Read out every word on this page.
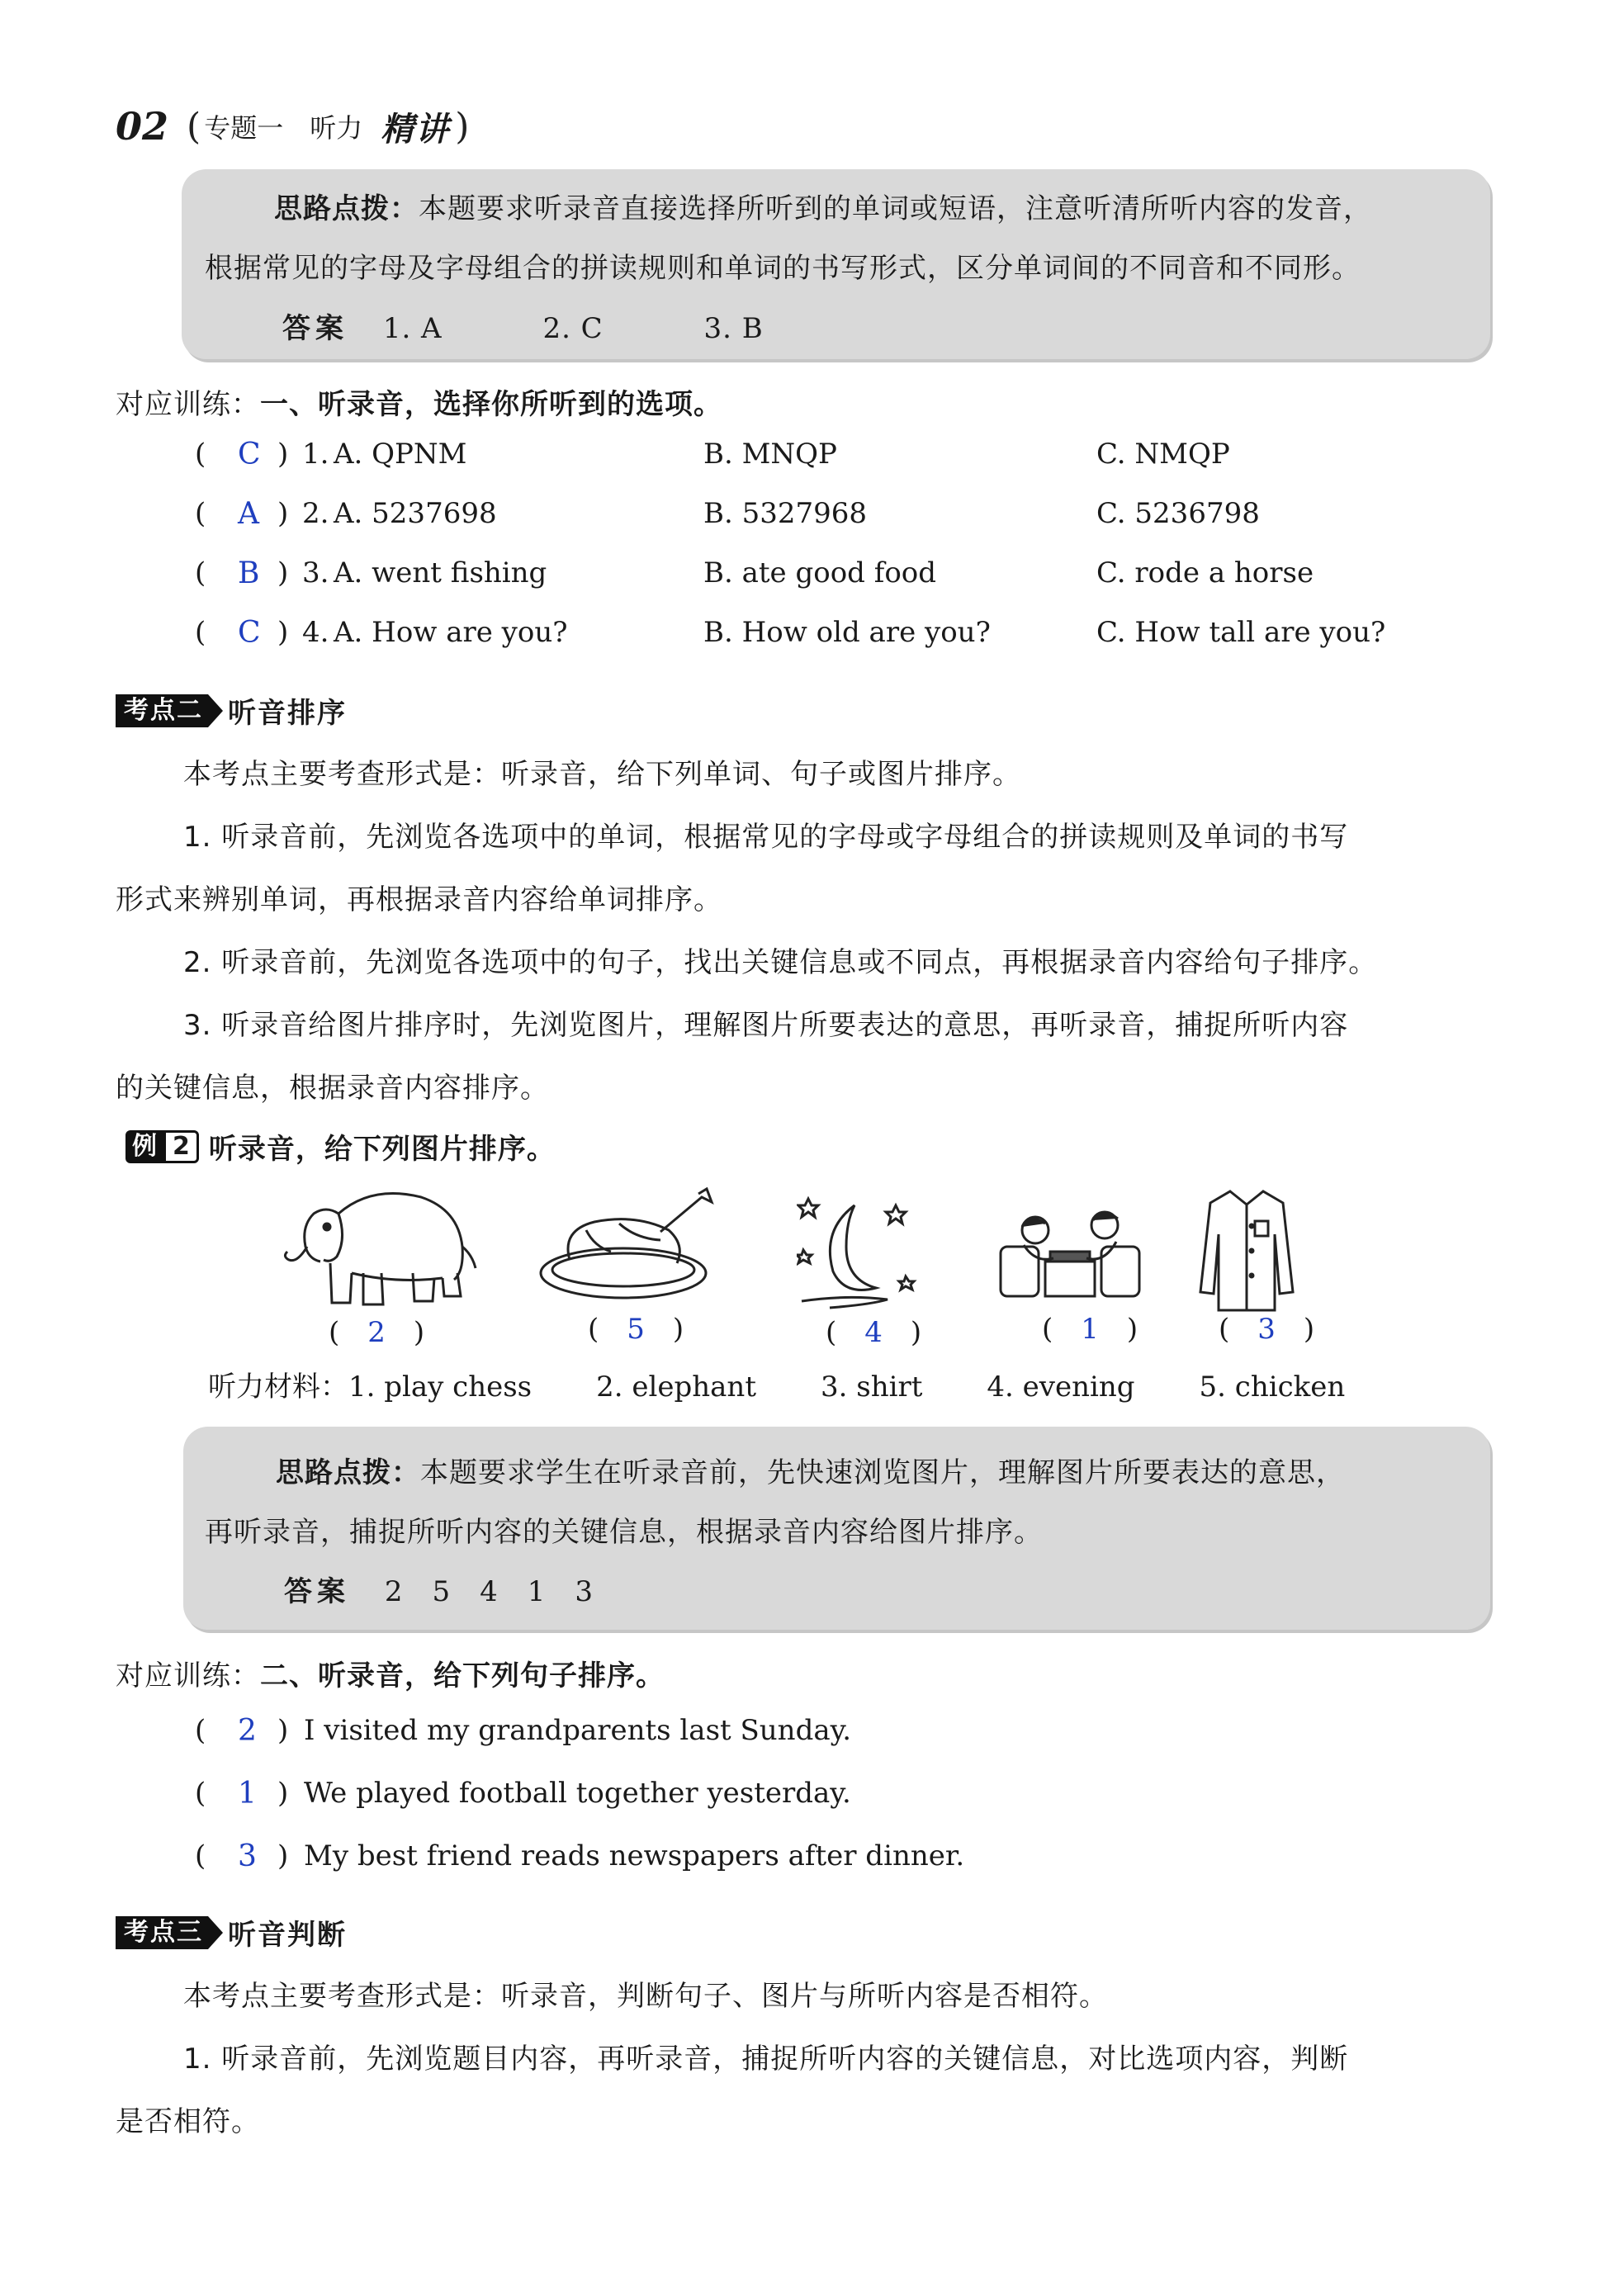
02 ( 专题一 听力 精讲 )
思路点拨：本题要求听录音直接选择所听到的单词或短语，注意听清所听内容的发音，
根据常见的字母及字母组合的拼读规则和单词的书写形式，区分单词间的不同音和不同形。
答案 1. A	2. C	3. B
对应训练：一、听录音，选择你所听到的选项。
( C ) 1. A. QPNM	B. MNQP	C. NMQP
( A ) 2. A. 5237698	B. 5327968	C. 5236798
( B ) 3. A. went fishing	B. ate good food	C. rode a horse
( C ) 4. A. How are you?	B. How old are you?	C. How tall are you?
考点二 听音排序
本考点主要考查形式是：听录音，给下列单词、句子或图片排序。
1. 听录音前，先浏览各选项中的单词，根据常见的字母或字母组合的拼读规则及单词的书写
形式来辨别单词，再根据录音内容给单词排序。
2. 听录音前，先浏览各选项中的句子，找出关键信息或不同点，再根据录音内容给句子排序。
3. 听录音给图片排序时，先浏览图片，理解图片所要表达的意思，再听录音，捕捉所听内容
的关键信息，根据录音内容排序。
例 2 听录音，给下列图片排序。
(　2　)	(　5　)	(　4　)	(　1　)	(　3　)
听力材料：1. play chess 2. elephant 3. shirt 4. evening 5. chicken
思路点拨：本题要求学生在听录音前，先快速浏览图片，理解图片所要表达的意思，
再听录音，捕捉所听内容的关键信息，根据录音内容给图片排序。
答案 2　5　4　1　3
对应训练：二、听录音，给下列句子排序。
( 2 ) I visited my grandparents last Sunday.
( 1 ) We played football together yesterday.
( 3 ) My best friend reads newspapers after dinner.
考点三 听音判断
本考点主要考查形式是：听录音，判断句子、图片与所听内容是否相符。
1. 听录音前，先浏览题目内容，再听录音，捕捉所听内容的关键信息，对比选项内容，判断
是否相符。
